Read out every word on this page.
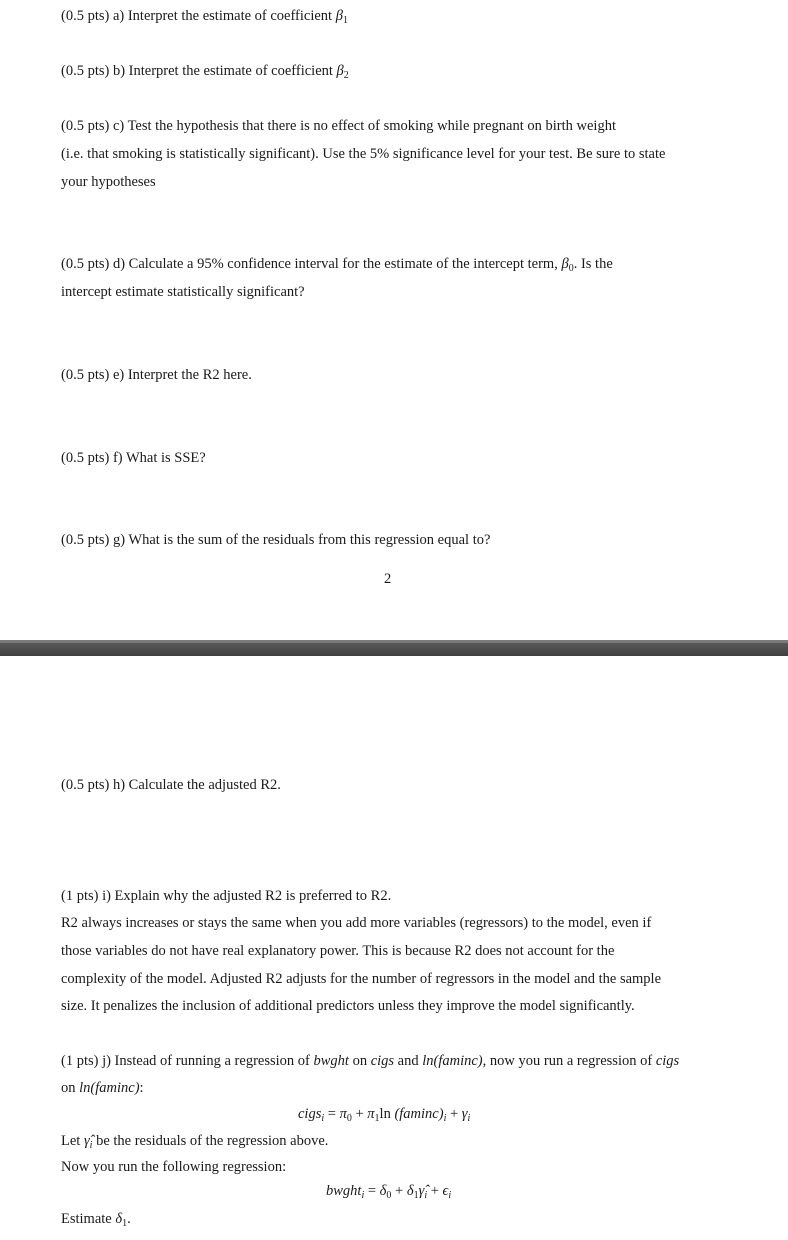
(0.5 pts) a) Interpret the estimate of coefficient $\beta_1$
(0.5 pts) b) Interpret the estimate of coefficient $\beta_2$
(0.5 pts) c) Test the hypothesis that there is no effect of smoking while pregnant on birth weight
(i.e. that smoking is statistically significant). Use the 5% significance level for your test. Be sure to state
your hypotheses
(0.5 pts) d) Calculate a 95% confidence interval for the estimate of the intercept term, $\beta_0$. Is the
intercept estimate statistically significant?
(0.5 pts) e) Interpret the R2 here.
(0.5 pts) f) What is SSE?
(0.5 pts) g) What is the sum of the residuals from this regression equal to?
2
(0.5 pts) h) Calculate the adjusted R2.
(1 pts) i) Explain why the adjusted R2 is preferred to R2.
R2 always increases or stays the same when you add more variables (regressors) to the model, even if
those variables do not have real explanatory power. This is because R2 does not account for the
complexity of the model. Adjusted R2 adjusts for the number of regressors in the model and the sample
size. It penalizes the inclusion of additional predictors unless they improve the model significantly.
(1 pts) j) Instead of running a regression of bwght on cigs and ln(faminc), now you run a regression of cigs
on ln(faminc):
cigs$_i$ = $\pi_0 + \pi_1\ln$ $(faminc)_i + \gamma_i$
Let $\gammâ_i$ be the residuals of the regression above.
Now you run the following regression:
bwght$_i$ = $\delta_0$ + $\delta_1\gammâ_i + \epsilon_i$
Estimate $\delta_1$.
